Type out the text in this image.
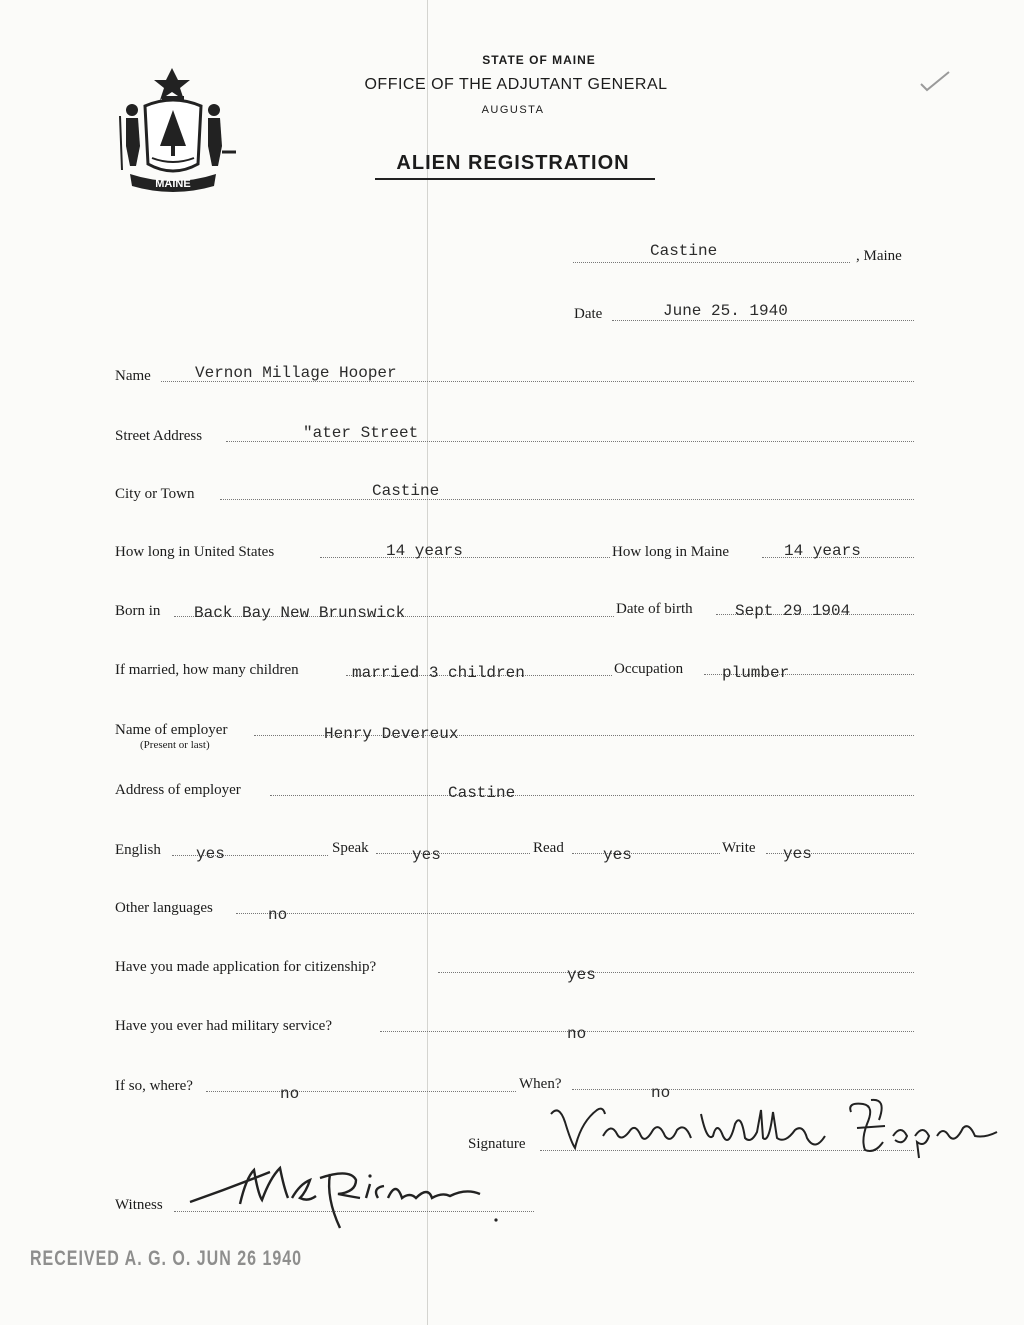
MAINE
STATE OF MAINE
OFFICE OF THE ADJUTANT GENERAL
AUGUSTA
ALIEN REGISTRATION
Castine	, Maine
Date	June 25. 1940
Name	Vernon Millage Hooper
Street Address	"ater Street
City or Town	Castine
How long in United States	14 years	How long in Maine	14 years
Born in Back Bay New Brunswick	Date of birth	Sept 29 1904
If married, how many children	married 3 children	Occupation plumber
Name of employer
(Present or last)
Henry Devereux
Address of employer	Castine
English yes	Speak	yes	Read yes	Write yes
Other languages	no
Have you made application for citizenship?	yes
Have you ever had military service?	no
If so, where?	no
When?	no
Signature
Witness
RECEIVED A. G. O. JUN 26 1940
